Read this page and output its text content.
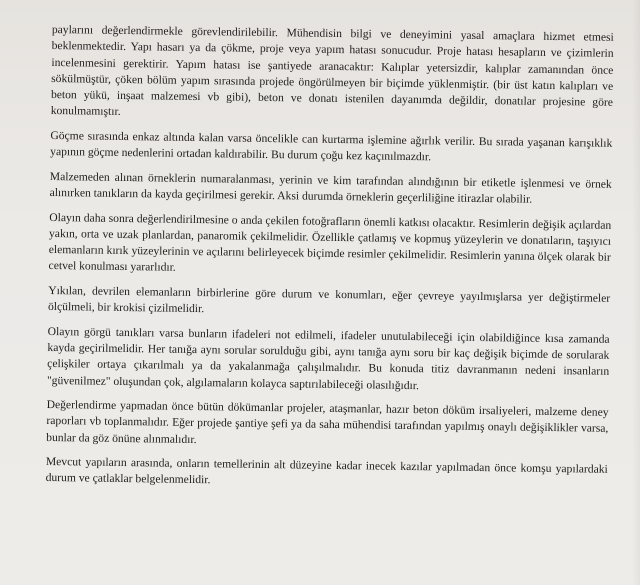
paylarını değerlendirmekle görevlendirilebilir. Mühendisin bilgi ve deneyimini yasal amaçlara hizmet etmesi beklenmektedir. Yapı hasarı ya da çökme, proje veya yapım hatası sonucudur. Proje hatası hesapların ve çizimlerin incelenmesini gerektirir. Yapım hatası ise şantiyede aranacaktır: Kalıplar yetersizdir, kalıplar zamanından önce sökülmüştür, çöken bölüm yapım sırasında projede öngörülmeyen bir biçimde yüklenmiştir. (bir üst katın kalıpları ve beton yükü, inşaat malzemesi vb gibi), beton ve donatı istenilen dayanımda değildir, donatılar projesine göre konulmamıştır.

Göçme sırasında enkaz altında kalan varsa öncelikle can kurtarma işlemine ağırlık verilir. Bu sırada yaşanan karışıklık yapının göçme nedenlerini ortadan kaldırabilir. Bu durum çoğu kez kaçınılmazdır.

Malzemeden alınan örneklerin numaralanması, yerinin ve kim tarafından alındığının bir etiketle işlenmesi ve örnek alınırken tanıkların da kayda geçirilmesi gerekir. Aksi durumda örneklerin geçerliliğine itirazlar olabilir.

Olayın daha sonra değerlendirilmesine o anda çekilen fotoğrafların önemli katkısı olacaktır. Resimlerin değişik açılardan yakın, orta ve uzak planlardan, panaromik çekilmelidir. Özellikle çatlamış ve kopmuş yüzeylerin ve donatıların, taşıyıcı elemanların kırık yüzeylerinin ve açılarını belirleyecek biçimde resimler çekilmelidir. Resimlerin yanına ölçek olarak bir cetvel konulması yararlıdır.

Yıkılan, devrilen elemanların birbirlerine göre durum ve konumları, eğer çevreye yayılmışlarsa yer değiştirmeler ölçülmeli, bir krokisi çizilmelidir.

Olayın görgü tanıkları varsa bunların ifadeleri not edilmeli, ifadeler unutulabileceği için olabildiğince kısa zamanda kayda geçirilmelidir. Her tanığa aynı sorular sorulduğu gibi, aynı tanığa aynı soru bir kaç değişik biçimde de sorularak çelişkiler ortaya çıkarılmalı ya da yakalanmağa çalışılmalıdır. Bu konuda titiz davranmanın nedeni insanların "güvenilmez" oluşundan çok, algılamaların kolayca saptırılabileceği olasılığıdır.

Değerlendirme yapmadan önce bütün dökümanlar projeler, ataşmanlar, hazır beton döküm irsaliyeleri, malzeme deney raporları vb toplanmalıdır. Eğer projede şantiye şefi ya da saha mühendisi tarafından yapılmış onaylı değişiklikler varsa, bunlar da göz önüne alınmalıdır.

Mevcut yapıların arasında, onların temellerinin alt düzeyine kadar inecek kazılar yapılmadan önce komşu yapılardaki durum ve çatlaklar belgelenmelidir.
